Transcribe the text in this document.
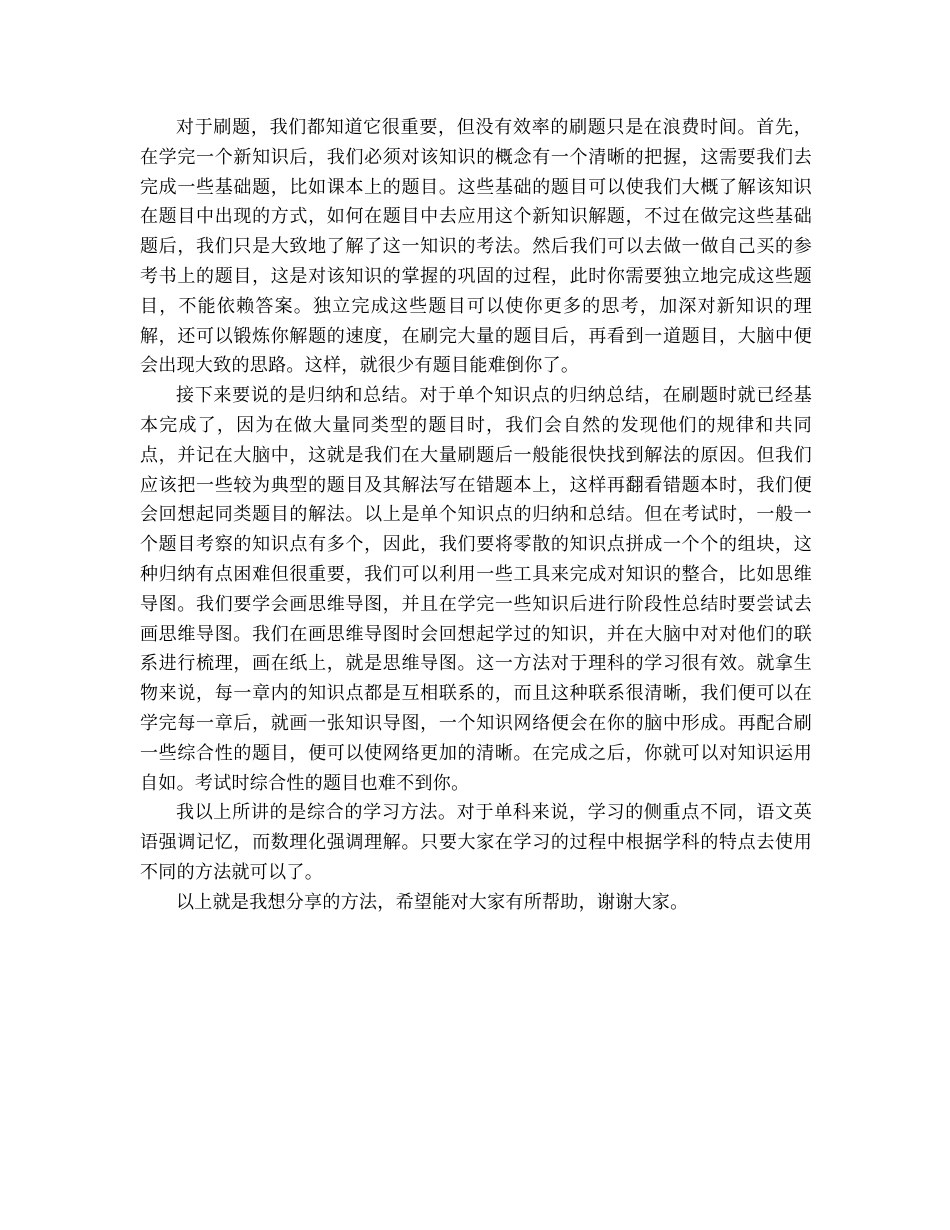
对于刷题，我们都知道它很重要，但没有效率的刷题只是在浪费时间。首先，在学完一个新知识后，我们必须对该知识的概念有一个清晰的把握，这需要我们去完成一些基础题，比如课本上的题目。这些基础的题目可以使我们大概了解该知识在题目中出现的方式，如何在题目中去应用这个新知识解题，不过在做完这些基础题后，我们只是大致地了解了这一知识的考法。然后我们可以去做一做自己买的参考书上的题目，这是对该知识的掌握的巩固的过程，此时你需要独立地完成这些题目，不能依赖答案。独立完成这些题目可以使你更多的思考，加深对新知识的理解，还可以锻炼你解题的速度，在刷完大量的题目后，再看到一道题目，大脑中便会出现大致的思路。这样，就很少有题目能难倒你了。

接下来要说的是归纳和总结。对于单个知识点的归纳总结，在刷题时就已经基本完成了，因为在做大量同类型的题目时，我们会自然的发现他们的规律和共同点，并记在大脑中，这就是我们在大量刷题后一般能很快找到解法的原因。但我们应该把一些较为典型的题目及其解法写在错题本上，这样再翻看错题本时，我们便会回想起同类题目的解法。以上是单个知识点的归纳和总结。但在考试时，一般一个题目考察的知识点有多个，因此，我们要将零散的知识点拼成一个个的组块，这种归纳有点困难但很重要，我们可以利用一些工具来完成对知识的整合，比如思维导图。我们要学会画思维导图，并且在学完一些知识后进行阶段性总结时要尝试去画思维导图。我们在画思维导图时会回想起学过的知识，并在大脑中对对他们的联系进行梳理，画在纸上，就是思维导图。这一方法对于理科的学习很有效。就拿生物来说，每一章内的知识点都是互相联系的，而且这种联系很清晰，我们便可以在学完每一章后，就画一张知识导图，一个知识网络便会在你的脑中形成。再配合刷一些综合性的题目，便可以使网络更加的清晰。在完成之后，你就可以对知识运用自如。考试时综合性的题目也难不到你。

我以上所讲的是综合的学习方法。对于单科来说，学习的侧重点不同，语文英语强调记忆，而数理化强调理解。只要大家在学习的过程中根据学科的特点去使用不同的方法就可以了。

以上就是我想分享的方法，希望能对大家有所帮助，谢谢大家。
